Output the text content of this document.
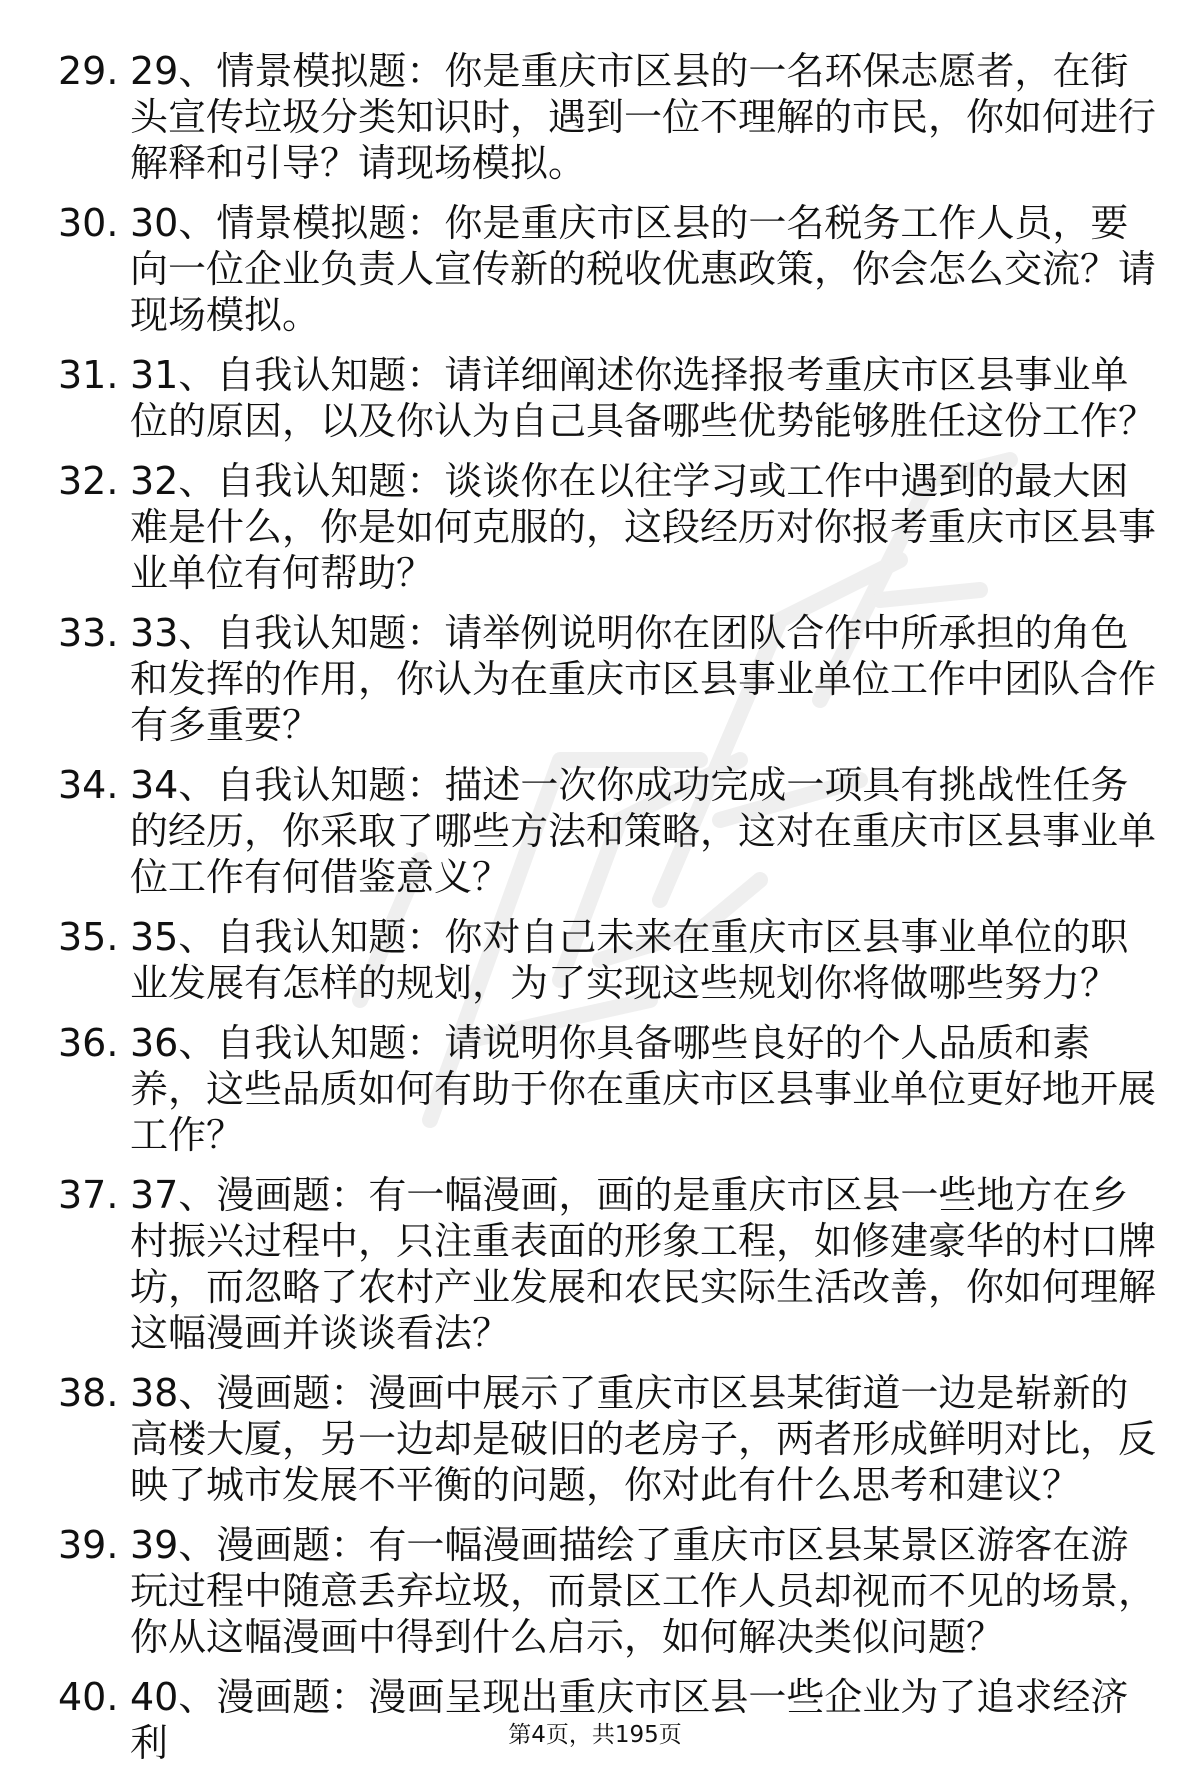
29. 29、情景模拟题：你是重庆市区县的一名环保志愿者，在街头宣传垃圾分类知识时，遇到一位不理解的市民，你如何进行解释和引导？请现场模拟。
30. 30、情景模拟题：你是重庆市区县的一名税务工作人员，要向一位企业负责人宣传新的税收优惠政策，你会怎么交流？请现场模拟。
31. 31、自我认知题：请详细阐述你选择报考重庆市区县事业单位的原因，以及你认为自己具备哪些优势能够胜任这份工作？
32. 32、自我认知题：谈谈你在以往学习或工作中遇到的最大困难是什么，你是如何克服的，这段经历对你报考重庆市区县事业单位有何帮助？
33. 33、自我认知题：请举例说明你在团队合作中所承担的角色和发挥的作用，你认为在重庆市区县事业单位工作中团队合作有多重要？
34. 34、自我认知题：描述一次你成功完成一项具有挑战性任务的经历，你采取了哪些方法和策略，这对在重庆市区县事业单位工作有何借鉴意义？
35. 35、自我认知题：你对自己未来在重庆市区县事业单位的职业发展有怎样的规划，为了实现这些规划你将做哪些努力？
36. 36、自我认知题：请说明你具备哪些良好的个人品质和素养，这些品质如何有助于你在重庆市区县事业单位更好地开展工作？
37. 37、漫画题：有一幅漫画，画的是重庆市区县一些地方在乡村振兴过程中，只注重表面的形象工程，如修建豪华的村口牌坊，而忽略了农村产业发展和农民实际生活改善，你如何理解这幅漫画并谈谈看法？
38. 38、漫画题：漫画中展示了重庆市区县某街道一边是崭新的高楼大厦，另一边却是破旧的老房子，两者形成鲜明对比，反映了城市发展不平衡的问题，你对此有什么思考和建议？
39. 39、漫画题：有一幅漫画描绘了重庆市区县某景区游客在游玩过程中随意丢弃垃圾，而景区工作人员却视而不见的场景，你从这幅漫画中得到什么启示，如何解决类似问题？
40. 40、漫画题：漫画呈现出重庆市区县一些企业为了追求经济利	第4页，共195页
